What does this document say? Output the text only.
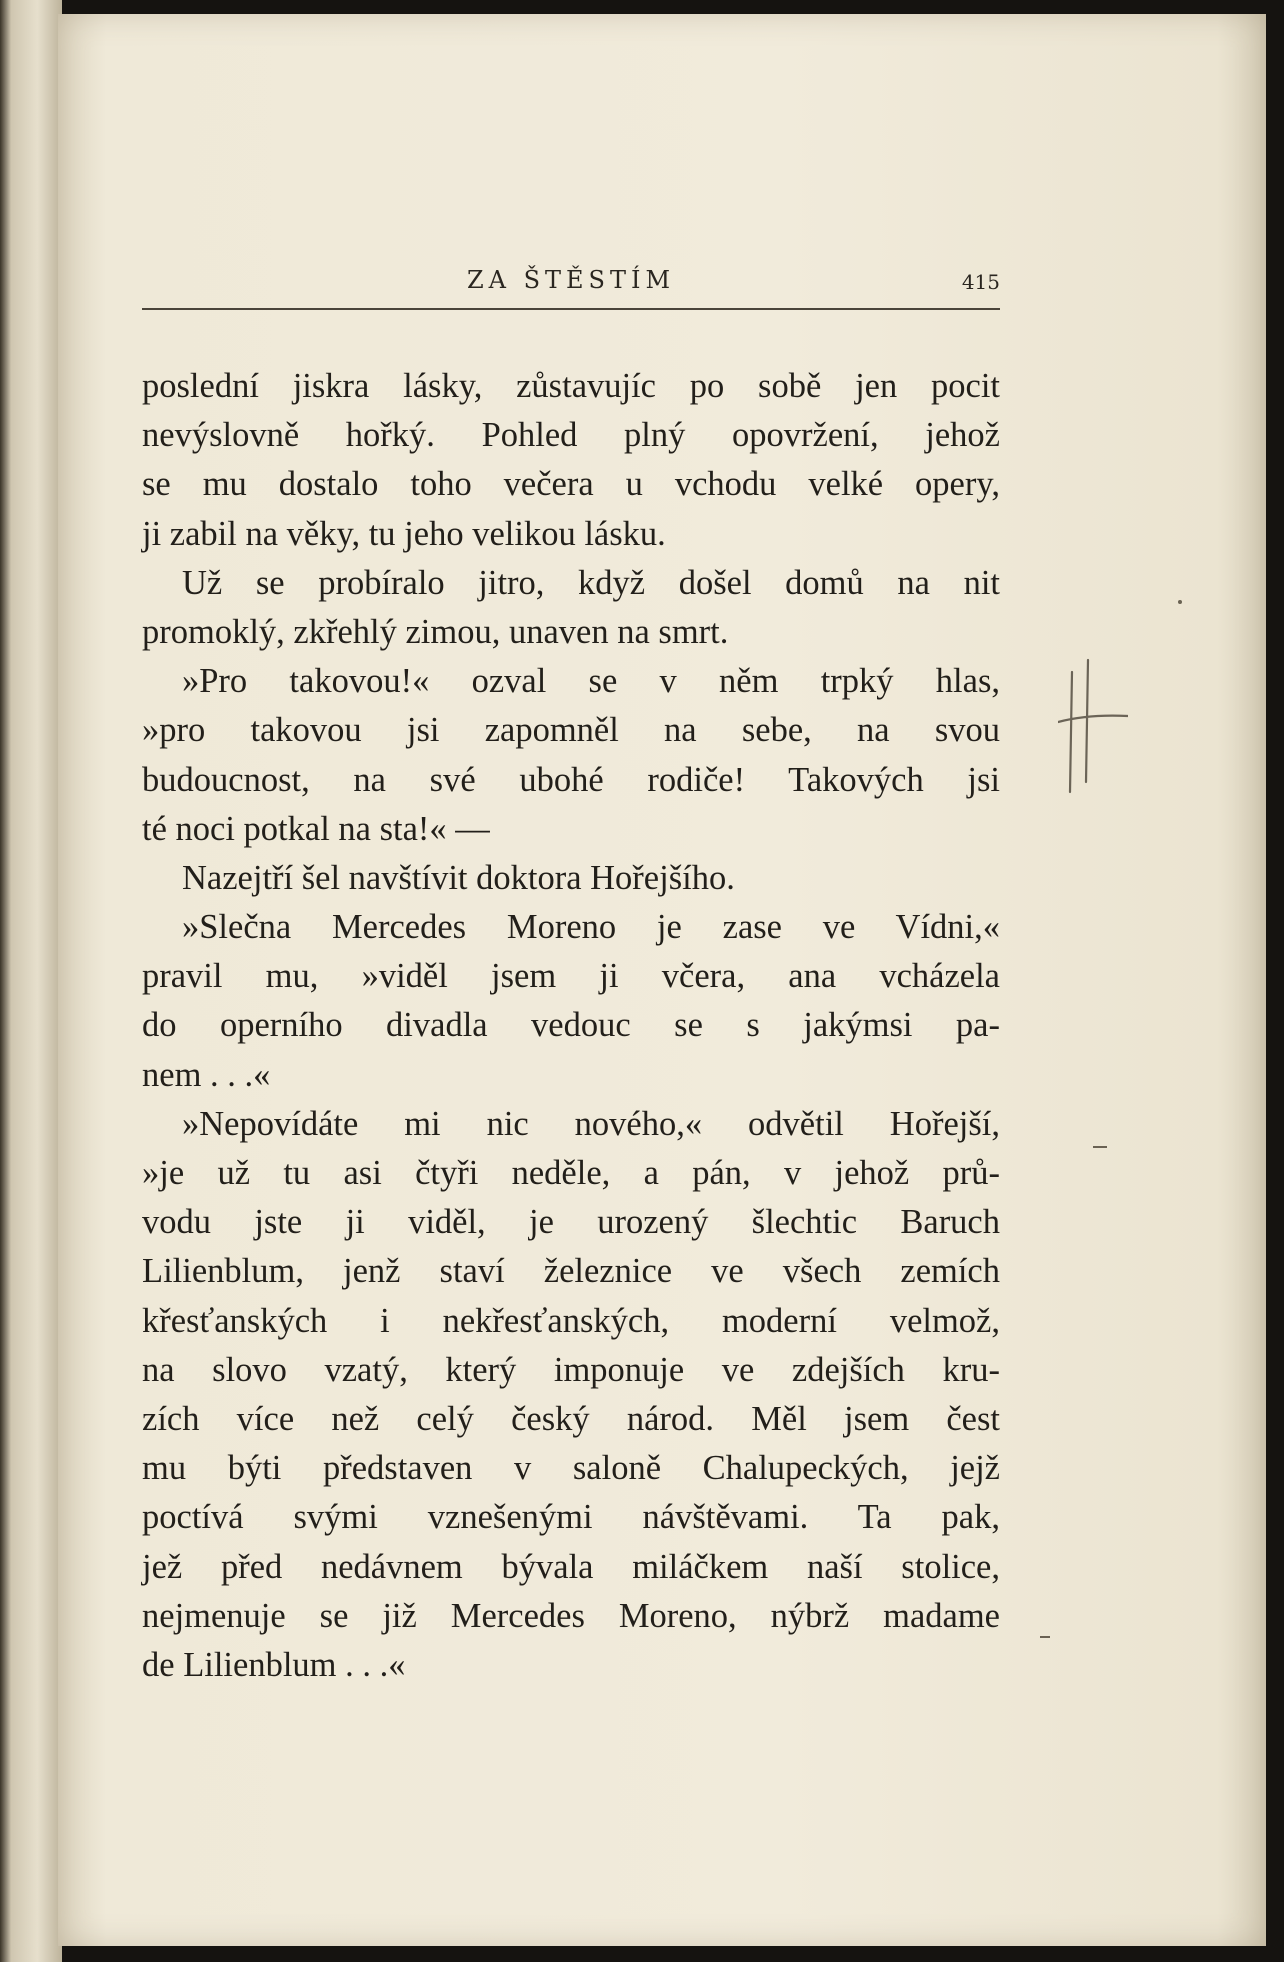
ZA ŠTĚSTÍM	415
poslední jiskra lásky, zůstavujíc po sobě jen pocit
nevýslovně hořký. Pohled plný opovržení, jehož
se mu dostalo toho večera u vchodu velké opery,
ji zabil na věky, tu jeho velikou lásku.
Už se probíralo jitro, když došel domů na nit
promoklý, zkřehlý zimou, unaven na smrt.
»Pro takovou!« ozval se v něm trpký hlas,
»pro takovou jsi zapomněl na sebe, na svou
budoucnost, na své ubohé rodiče! Takových jsi
té noci potkal na sta!« —
Nazejtří šel navštívit doktora Hořejšího.
»Slečna Mercedes Moreno je zase ve Vídni,«
pravil mu, »viděl jsem ji včera, ana vcházela
do operního divadla vedouc se s jakýmsi pa-
nem . . .«
»Nepovídáte mi nic nového,« odvětil Hořejší,
»je už tu asi čtyři neděle, a pán, v jehož prů-
vodu jste ji viděl, je urozený šlechtic Baruch
Lilienblum, jenž staví železnice ve všech zemích
křesťanských i nekřesťanských, moderní velmož,
na slovo vzatý, který imponuje ve zdejších kru-
zích více než celý český národ. Měl jsem čest
mu býti představen v saloně Chalupeckých, jejž
poctívá svými vznešenými návštěvami. Ta pak,
jež před nedávnem bývala miláčkem naší stolice,
nejmenuje se již Mercedes Moreno, nýbrž madame
de Lilienblum . . .«
